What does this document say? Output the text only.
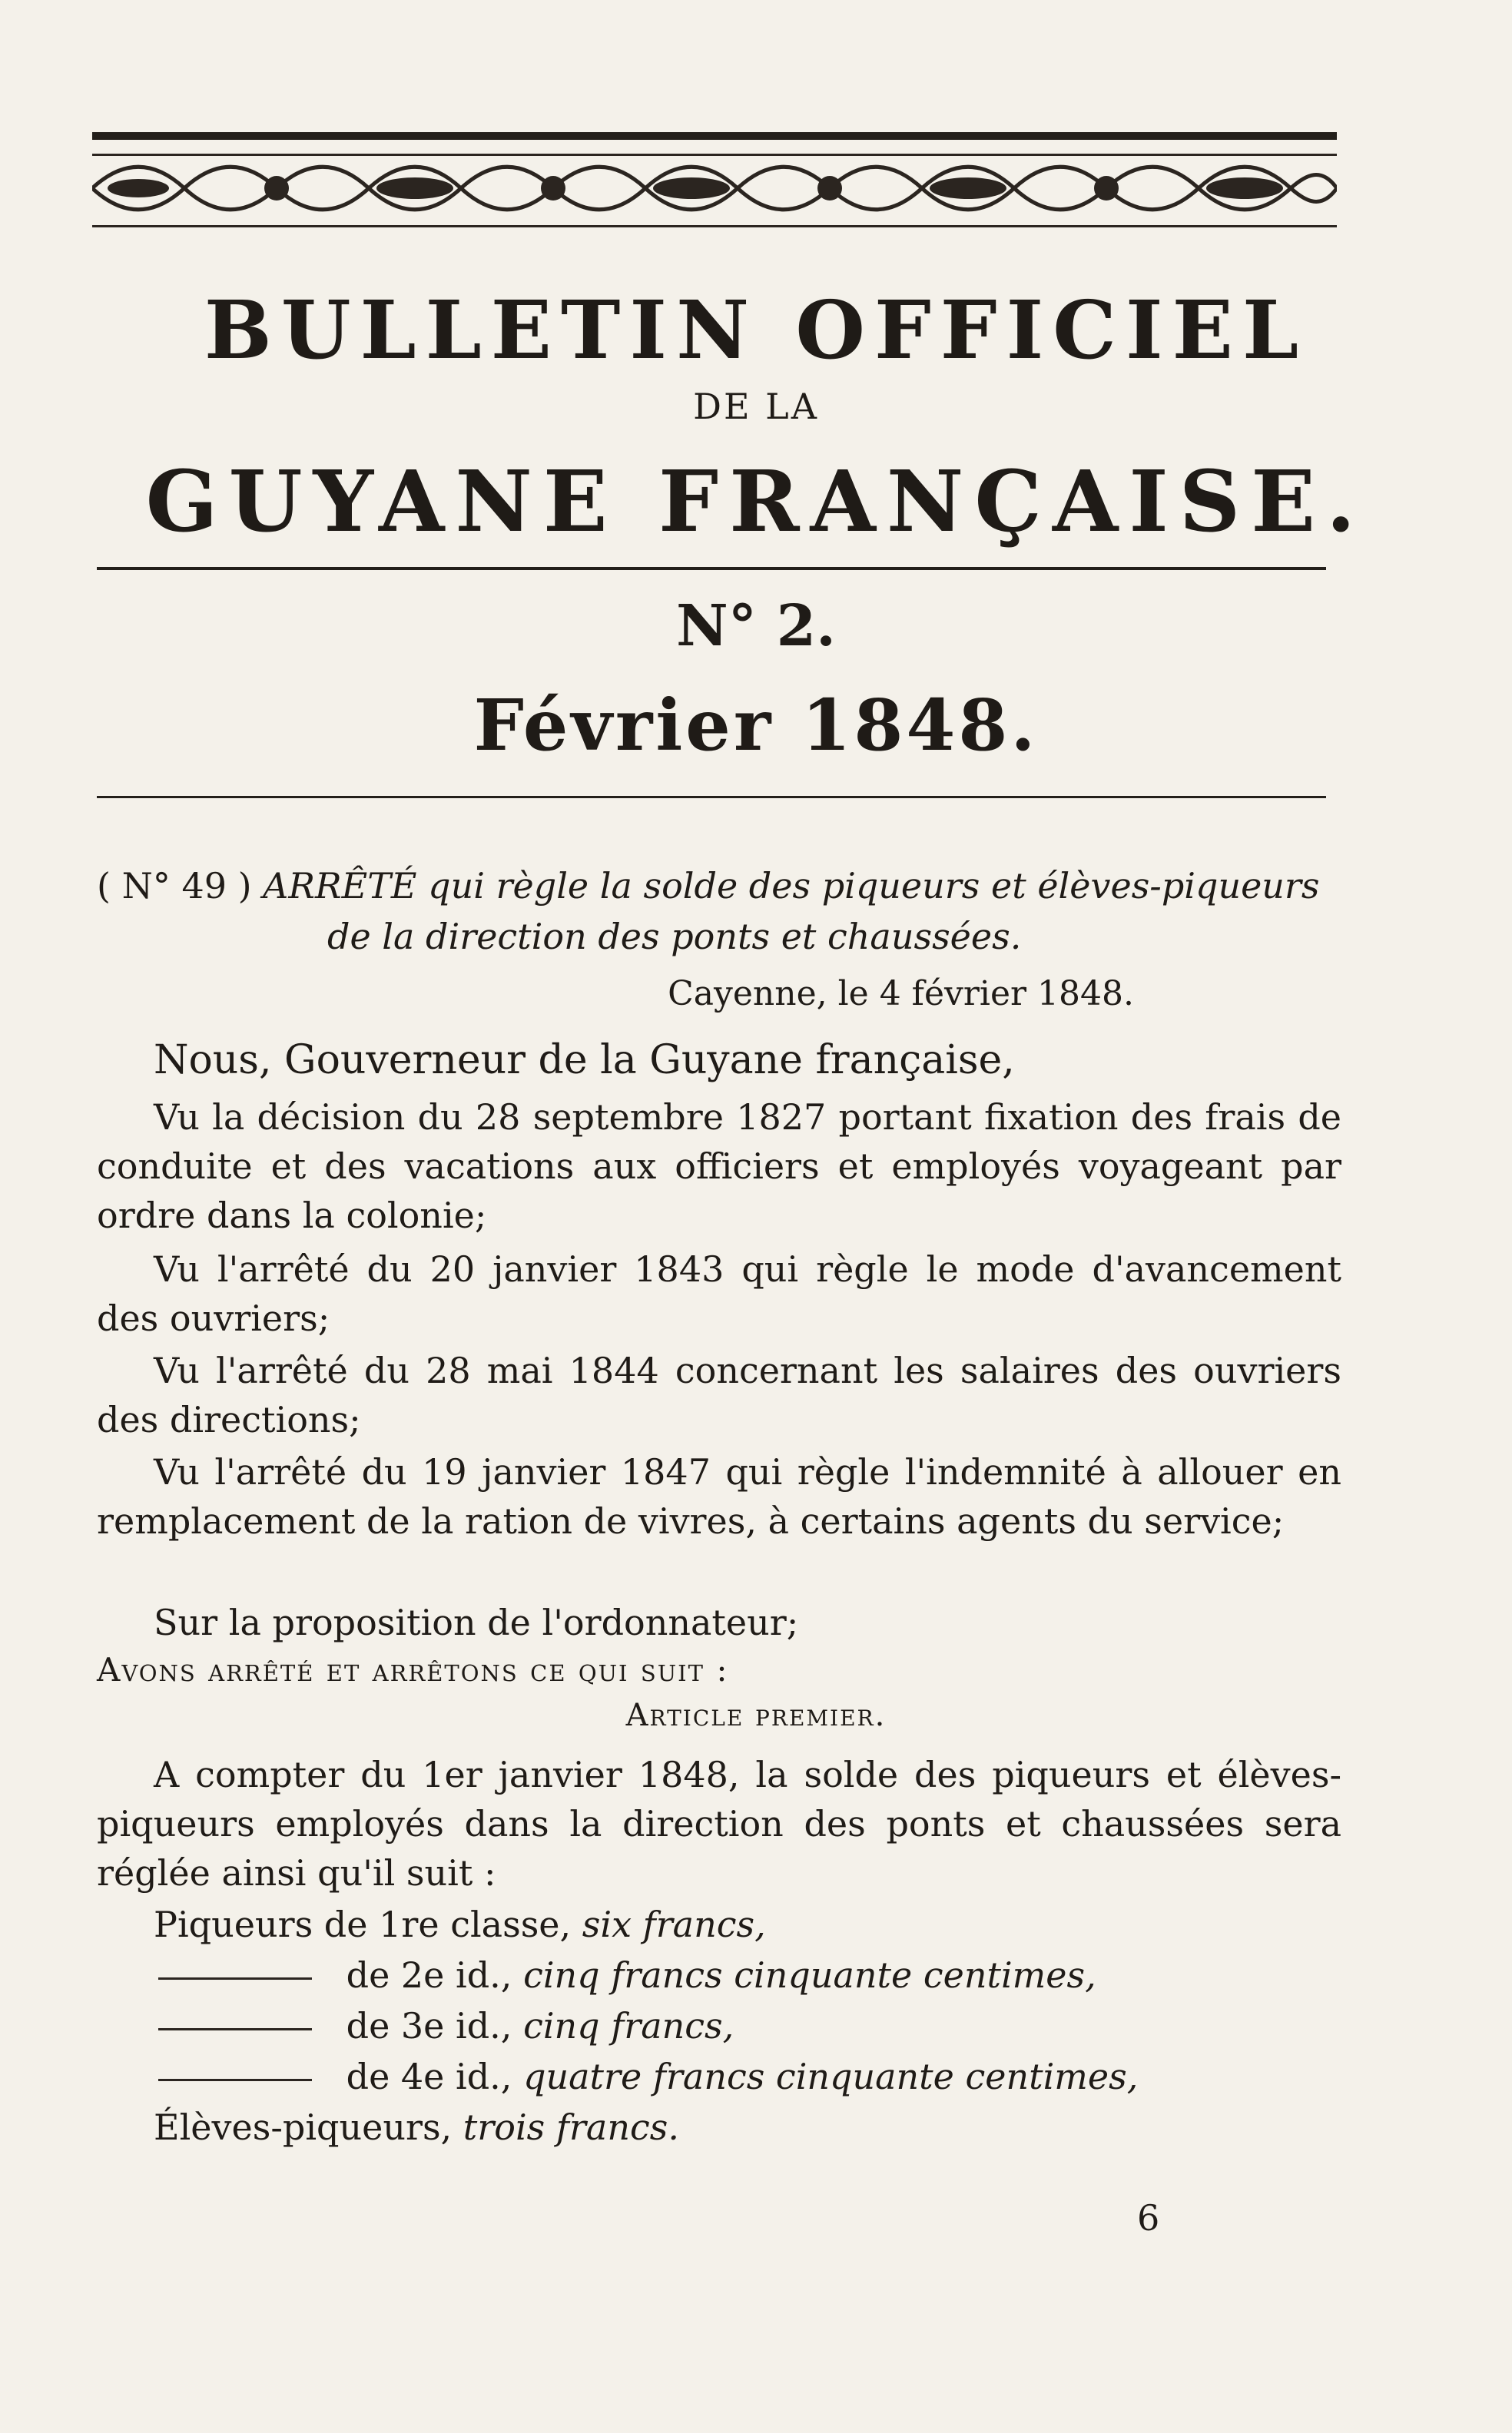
BULLETIN OFFICIEL
DE LA
GUYANE FRANÇAISE.
N° 2.
Février 1848.
( N° 49 ) ARRÊTÉ qui règle la solde des piqueurs et élèves-piqueurs de la direction des ponts et chaussées.
Cayenne, le 4 février 1848.
Nous, Gouverneur de la Guyane française,
Vu la décision du 28 septembre 1827 portant fixation des frais de conduite et des vacations aux officiers et employés voyageant par ordre dans la colonie;
Vu l'arrêté du 20 janvier 1843 qui règle le mode d'avancement des ouvriers;
Vu l'arrêté du 28 mai 1844 concernant les salaires des ouvriers des directions;
Vu l'arrêté du 19 janvier 1847 qui règle l'indemnité à allouer en remplacement de la ration de vivres, à certains agents du service;
Sur la proposition de l'ordonnateur;
Avons arrêté et arrêtons ce qui suit :
Article premier.
A compter du 1er janvier 1848, la solde des piqueurs et élèves-piqueurs employés dans la direction des ponts et chaussées sera réglée ainsi qu'il suit :
Piqueurs de 1re classe, six francs,
de 2e id., cinq francs cinquante centimes,
de 3e id., cinq francs,
de 4e id., quatre francs cinquante centimes,
Élèves-piqueurs, trois francs.
6
